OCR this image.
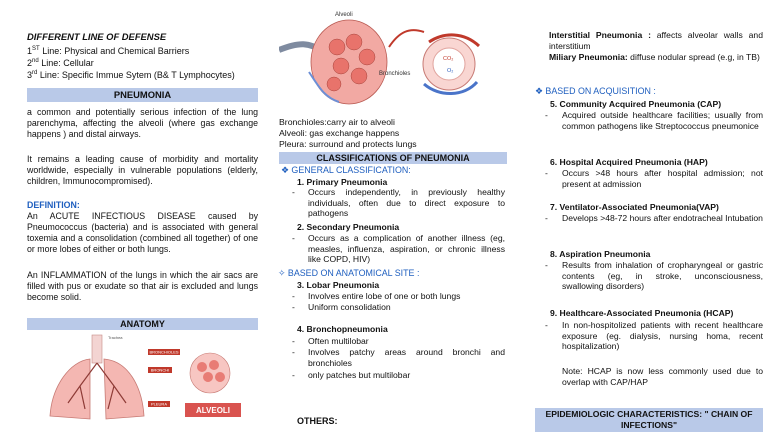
DIFFERENT LINE OF DEFENSE
1ST Line: Physical and Chemical Barriers
2nd Line: Cellular
3rd Line: Specific Immue Sytem (B& T Lymphocytes)
PNEUMONIA
a common and potentially serious infection of the lung parenchyma, affecting the alveoli (where gas exchange happens ) and distal airways.
It remains a leading cause of morbidity and mortality worldwide, especially in vulnerable populations (elderly, children, Immunocompromised).
DEFINITION:
An ACUTE INFECTIOUS DISEASE caused by Pneumococcus (bacteria) and is associated with general toxemia and a consolidation (combined all together) of one or more lobes of either or both lungs.
An INFLAMMATION of the lungs in which the air sacs are filled with pus or exudate so that air is excluded and lungs become solid.
ANATOMY
BRONCHIOLES
BRONCHI
PLEURA
Trachea
ALVEOLI
Alveoli
Bronchioles
CO₂
O₂
Bronchioles:carry air to alveoli
Alveoli: gas exchange happens
Pleura: surround and protects lungs
CLASSIFICATIONS OF PNEUMONIA
❖ GENERAL CLASSIFICATION:
1. Primary Pneumonia
-	Occurs independently, in previously healthy individuals, often due to direct exposure to pathogens
2. Secondary Pneumonia
-	Occurs as a complication of another illness (eg, measles, influenza, aspiration, or chronic illness like COPD, HIV)
✧ BASED ON ANATOMICAL SITE :
3. Lobar Pneumonia
-	Involves entire lobe of one or both lungs
-	Uniform consolidation
4. Bronchopneumonia
-	Often multilobar
-	Involves patchy areas around bronchi and bronchioles
-	only patches but multilobar
OTHERS:
Interstitial Pneumonia : affects alveolar walls and interstitium
Miliary Pneumonia: diffuse nodular spread (e.g, in TB)
❖ BASED ON ACQUISITION :
5. Community Acquired Pneumonia (CAP)
-	Acquired outside healthcare facilities; usually from common pathogens like Streptococcus pneumonice
6. Hospital Acquired Pneumonia (HAP)
-	Occurs >48 hours after hospital admission; not present at admission
7. Ventilator-Associated Pneumonia(VAP)
-	Develops >48-72 hours after endotracheal Intubation
8. Aspiration Pneumonia
-	Results from inhalation of cropharyngeal or gastric contents (eg, in stroke, unconsciousness, swallowing disorders)
9. Healthcare-Associated Pneumonia (HCAP)
-	In non-hospitolized patients with recent healthcare exposure (eg. dialysis, nursing homa, recent hospitalization)
Note: HCAP is now less commonly used due to overlap with CAP/HAP
EPIDEMIOLOGIC CHARACTERISTICS: " CHAIN OF INFECTIONS"
